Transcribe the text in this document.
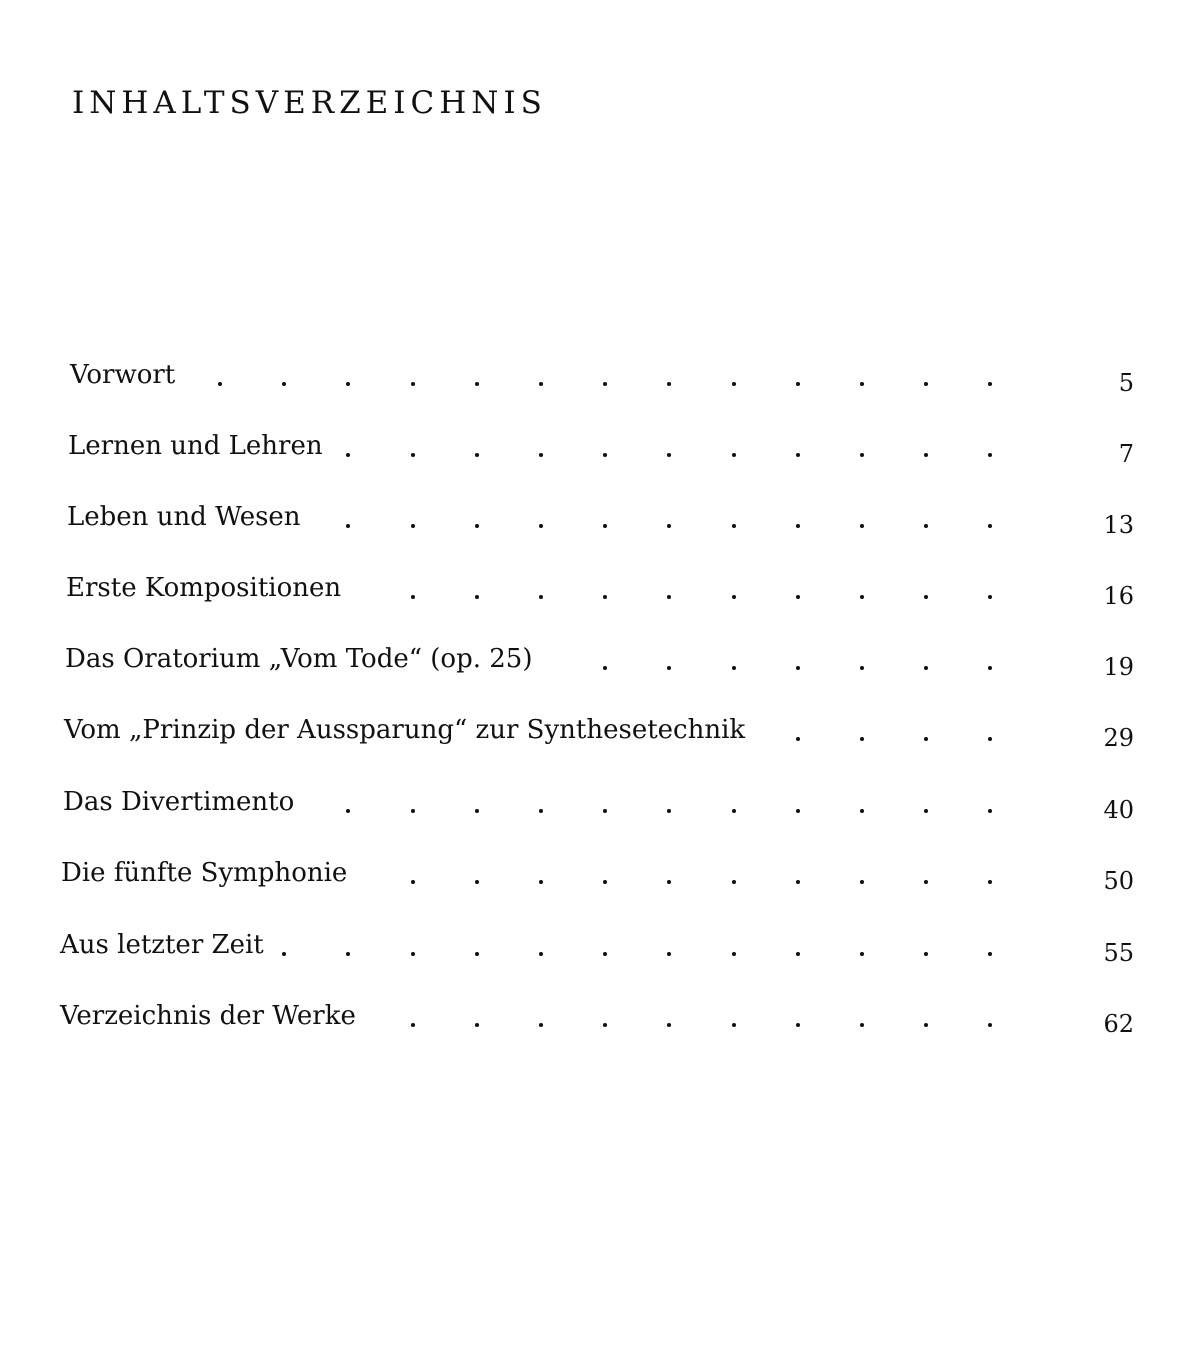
INHALTSVERZEICHNIS
Vorwort	5
Lernen und Lehren	7
Leben und Wesen	13
Erste Kompositionen	16
Das Oratorium „Vom Tode“ (op. 25)	19
Vom „Prinzip der Aussparung“ zur Synthesetechnik	29
Das Divertimento	40
Die fünfte Symphonie	50
Aus letzter Zeit	55
Verzeichnis der Werke	62
